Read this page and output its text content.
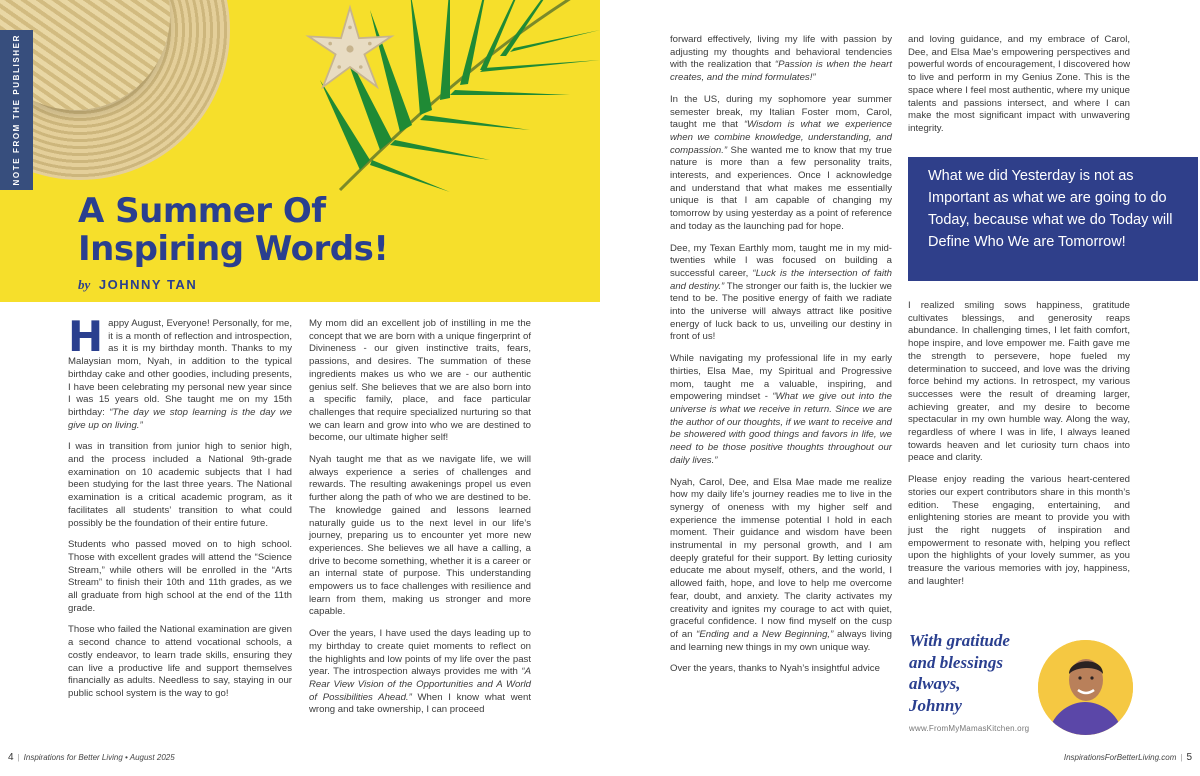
NOTE FROM THE PUBLISHER
A Summer Of
Inspiring Words!
by JOHNNY TAN

H appy August, Everyone! Personally, for me, it is a month of reflection and introspection, as it is my birthday month. Thanks to my Malaysian mom, Nyah, in addition to the typical birthday cake and other goodies, including presents, I have been celebrating my personal new year since I was 15 years old. She taught me on my 15th birthday: “The day we stop learning is the day we give up on living.”

I was in transition from junior high to senior high, and the process included a National 9th-grade examination on 10 academic subjects that I had been studying for the last three years. The National examination is a critical academic program, as it facilitates all students’ transition to what could possibly be the foundation of their entire future.

Students who passed moved on to high school. Those with excellent grades will attend the “Science Stream,” while others will be enrolled in the “Arts Stream” to finish their 10th and 11th grades, as we all graduate from high school at the end of the 11th grade.

Those who failed the National examination are given a second chance to attend vocational schools, a costly endeavor, to learn trade skills, ensuring they can live a productive life and support themselves financially as adults. Needless to say, staying in our public school system is the way to go!

My mom did an excellent job of instilling in me the concept that we are born with a unique fingerprint of Divineness - our given instinctive traits, fears, passions, and desires. The summation of these ingredients makes us who we are - our authentic genius self. She believes that we are also born into a specific family, place, and face particular challenges that require specialized nurturing so that we can learn and grow into who we are destined to become, our ultimate higher self!

Nyah taught me that as we navigate life, we will always experience a series of challenges and rewards. The resulting awakenings propel us even further along the path of who we are destined to be. The knowledge gained and lessons learned naturally guide us to the next level in our life’s journey, preparing us to encounter yet more new experiences. She believes we all have a calling, a drive to become something, whether it is a career or an internal state of purpose. This understanding empowers us to face challenges with resilience and learn from them, making us stronger and more capable.

Over the years, I have used the days leading up to my birthday to create quiet moments to reflect on the highlights and low points of my life over the past year. The introspection always provides me with “A Rear View Vision of the Opportunities and A World of Possibilities Ahead.” When I know what went wrong and take ownership, I can proceed

4 | Inspirations for Better Living • August 2025

forward effectively, living my life with passion by adjusting my thoughts and behavioral tendencies with the realization that “Passion is when the heart creates, and the mind formulates!”

In the US, during my sophomore year summer semester break, my Italian Foster mom, Carol, taught me that “Wisdom is what we experience when we combine knowledge, understanding, and compassion.” She wanted me to know that my true nature is more than a few personality traits, interests, and experiences. Once I acknowledge and understand that what makes me essentially unique is that I am capable of changing my tomorrow by using yesterday as a point of reference and today as the launching pad for hope.

Dee, my Texan Earthly mom, taught me in my mid-twenties while I was focused on building a successful career, “Luck is the intersection of faith and destiny.” The stronger our faith is, the luckier we tend to be. The positive energy of faith we radiate into the universe will always attract like positive energy of luck back to us, unveiling our destiny in front of us!

While navigating my professional life in my early thirties, Elsa Mae, my Spiritual and Progressive mom, taught me a valuable, inspiring, and empowering mindset - “What we give out into the universe is what we receive in return. Since we are the author of our thoughts, if we want to receive and be showered with good things and favors in life, we need to be those positive thoughts throughout our daily lives.”

Nyah, Carol, Dee, and Elsa Mae made me realize how my daily life’s journey readies me to live in the synergy of oneness with my higher self and experience the immense potential I hold in each moment. Their guidance and wisdom have been instrumental in my personal growth, and I am deeply grateful for their support. By letting curiosity educate me about myself, others, and the world, I allowed faith, hope, and love to help me overcome fear, doubt, and anxiety. The clarity activates my creativity and ignites my courage to act with quiet, graceful confidence. I now find myself on the cusp of an “Ending and a New Beginning,” always living and learning new things in my own unique way.

Over the years, thanks to Nyah’s insightful advice

and loving guidance, and my embrace of Carol, Dee, and Elsa Mae’s empowering perspectives and powerful words of encouragement, I discovered how to live and perform in my Genius Zone. This is the space where I feel most authentic, where my unique talents and passions intersect, and where I can make the most significant impact with unwavering integrity.

What we did Yesterday is not as Important as what we are going to do Today, because what we do Today will Define Who We are Tomorrow!

I realized smiling sows happiness, gratitude cultivates blessings, and generosity reaps abundance. In challenging times, I let faith comfort, hope inspire, and love empower me. Faith gave me the strength to persevere, hope fueled my determination to succeed, and love was the driving force behind my actions. In retrospect, my various successes were the result of dreaming larger, achieving greater, and my desire to become spectacular in my own humble way. Along the way, regardless of where I was in life, I always leaned towards heaven and let curiosity turn chaos into peace and clarity.

Please enjoy reading the various heart-centered stories our expert contributors share in this month’s edition. These engaging, entertaining, and enlightening stories are meant to provide you with just the right nuggets of inspiration and empowerment to resonate with, helping you reflect upon the highlights of your lovely summer, as you treasure the various memories with joy, happiness, and laughter!

With gratitude
and blessings
always,
Johnny
www.FromMyMamasKitchen.org
InspirationsForBetterLiving.com | 5
